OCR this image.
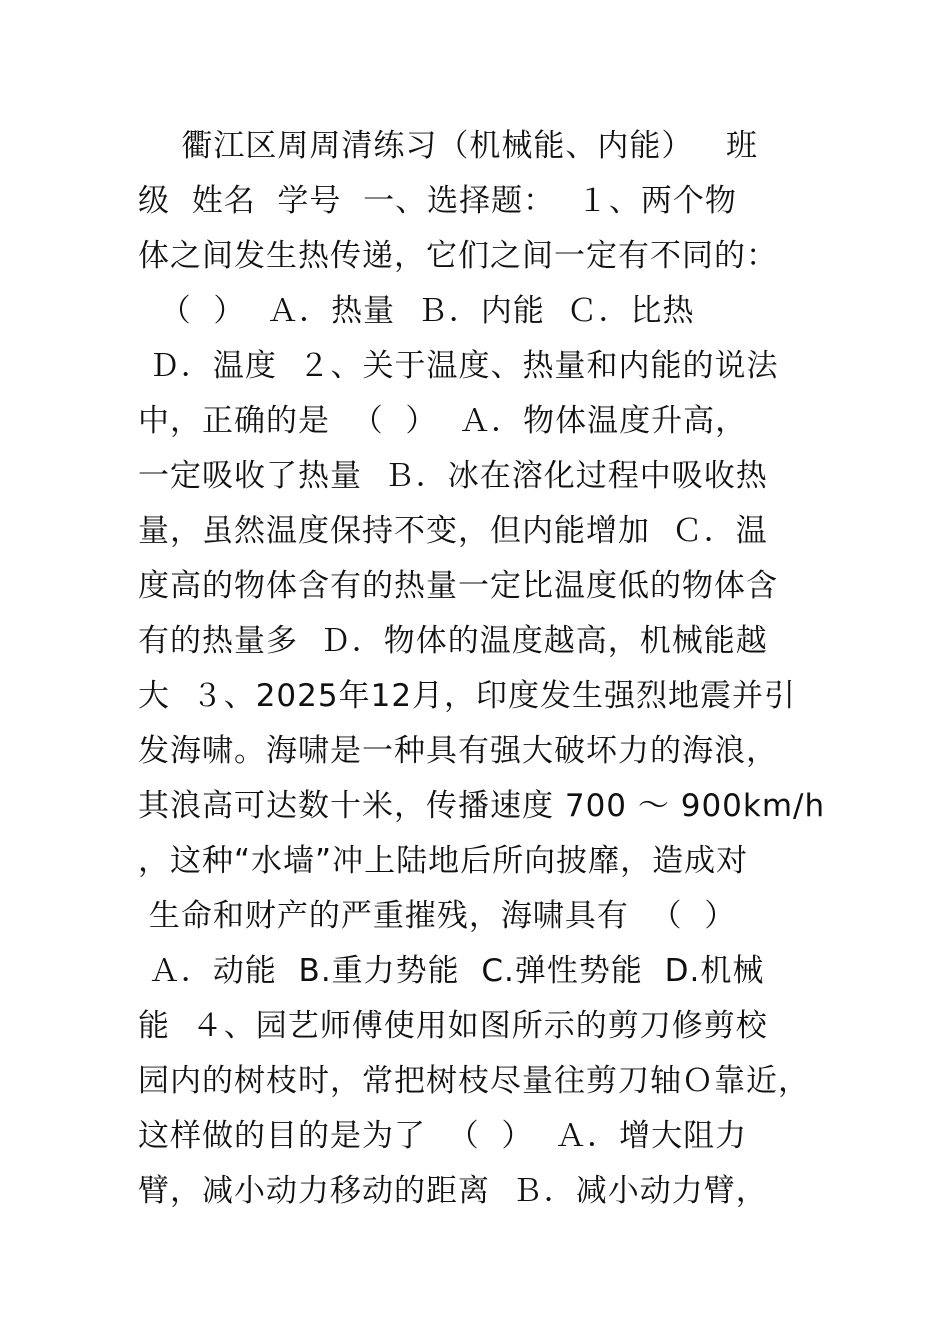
衢江区周周清练习（机械能、内能）   班
级  姓名  学号  一、选择题：  １、两个物
体之间发生热传递，它们之间一定有不同的：
（  ）  Ａ．热量  Ｂ．内能  Ｃ．比热
Ｄ．温度  ２、关于温度、热量和内能的说法
中，正确的是  （  ）  Ａ．物体温度升高，
一定吸收了热量  Ｂ．冰在溶化过程中吸收热
量，虽然温度保持不变，但内能增加  Ｃ．温
度高的物体含有的热量一定比温度低的物体含
有的热量多  Ｄ．物体的温度越高，机械能越
大  ３、2025年12月，印度发生强烈地震并引
发海啸。海啸是一种具有强大破坏力的海浪，
其浪高可达数十米，传播速度 700 ～ 900km/h
，这种“水墙”冲上陆地后所向披靡，造成对
生命和财产的严重摧残，海啸具有  （  ）
Ａ．动能  B.重力势能  C.弹性势能  D.机械
能  ４、园艺师傅使用如图所示的剪刀修剪校
园内的树枝时，常把树枝尽量往剪刀轴Ｏ靠近，
这样做的目的是为了  （  ）  Ａ．增大阻力
臂，减小动力移动的距离  Ｂ．减小动力臂，
